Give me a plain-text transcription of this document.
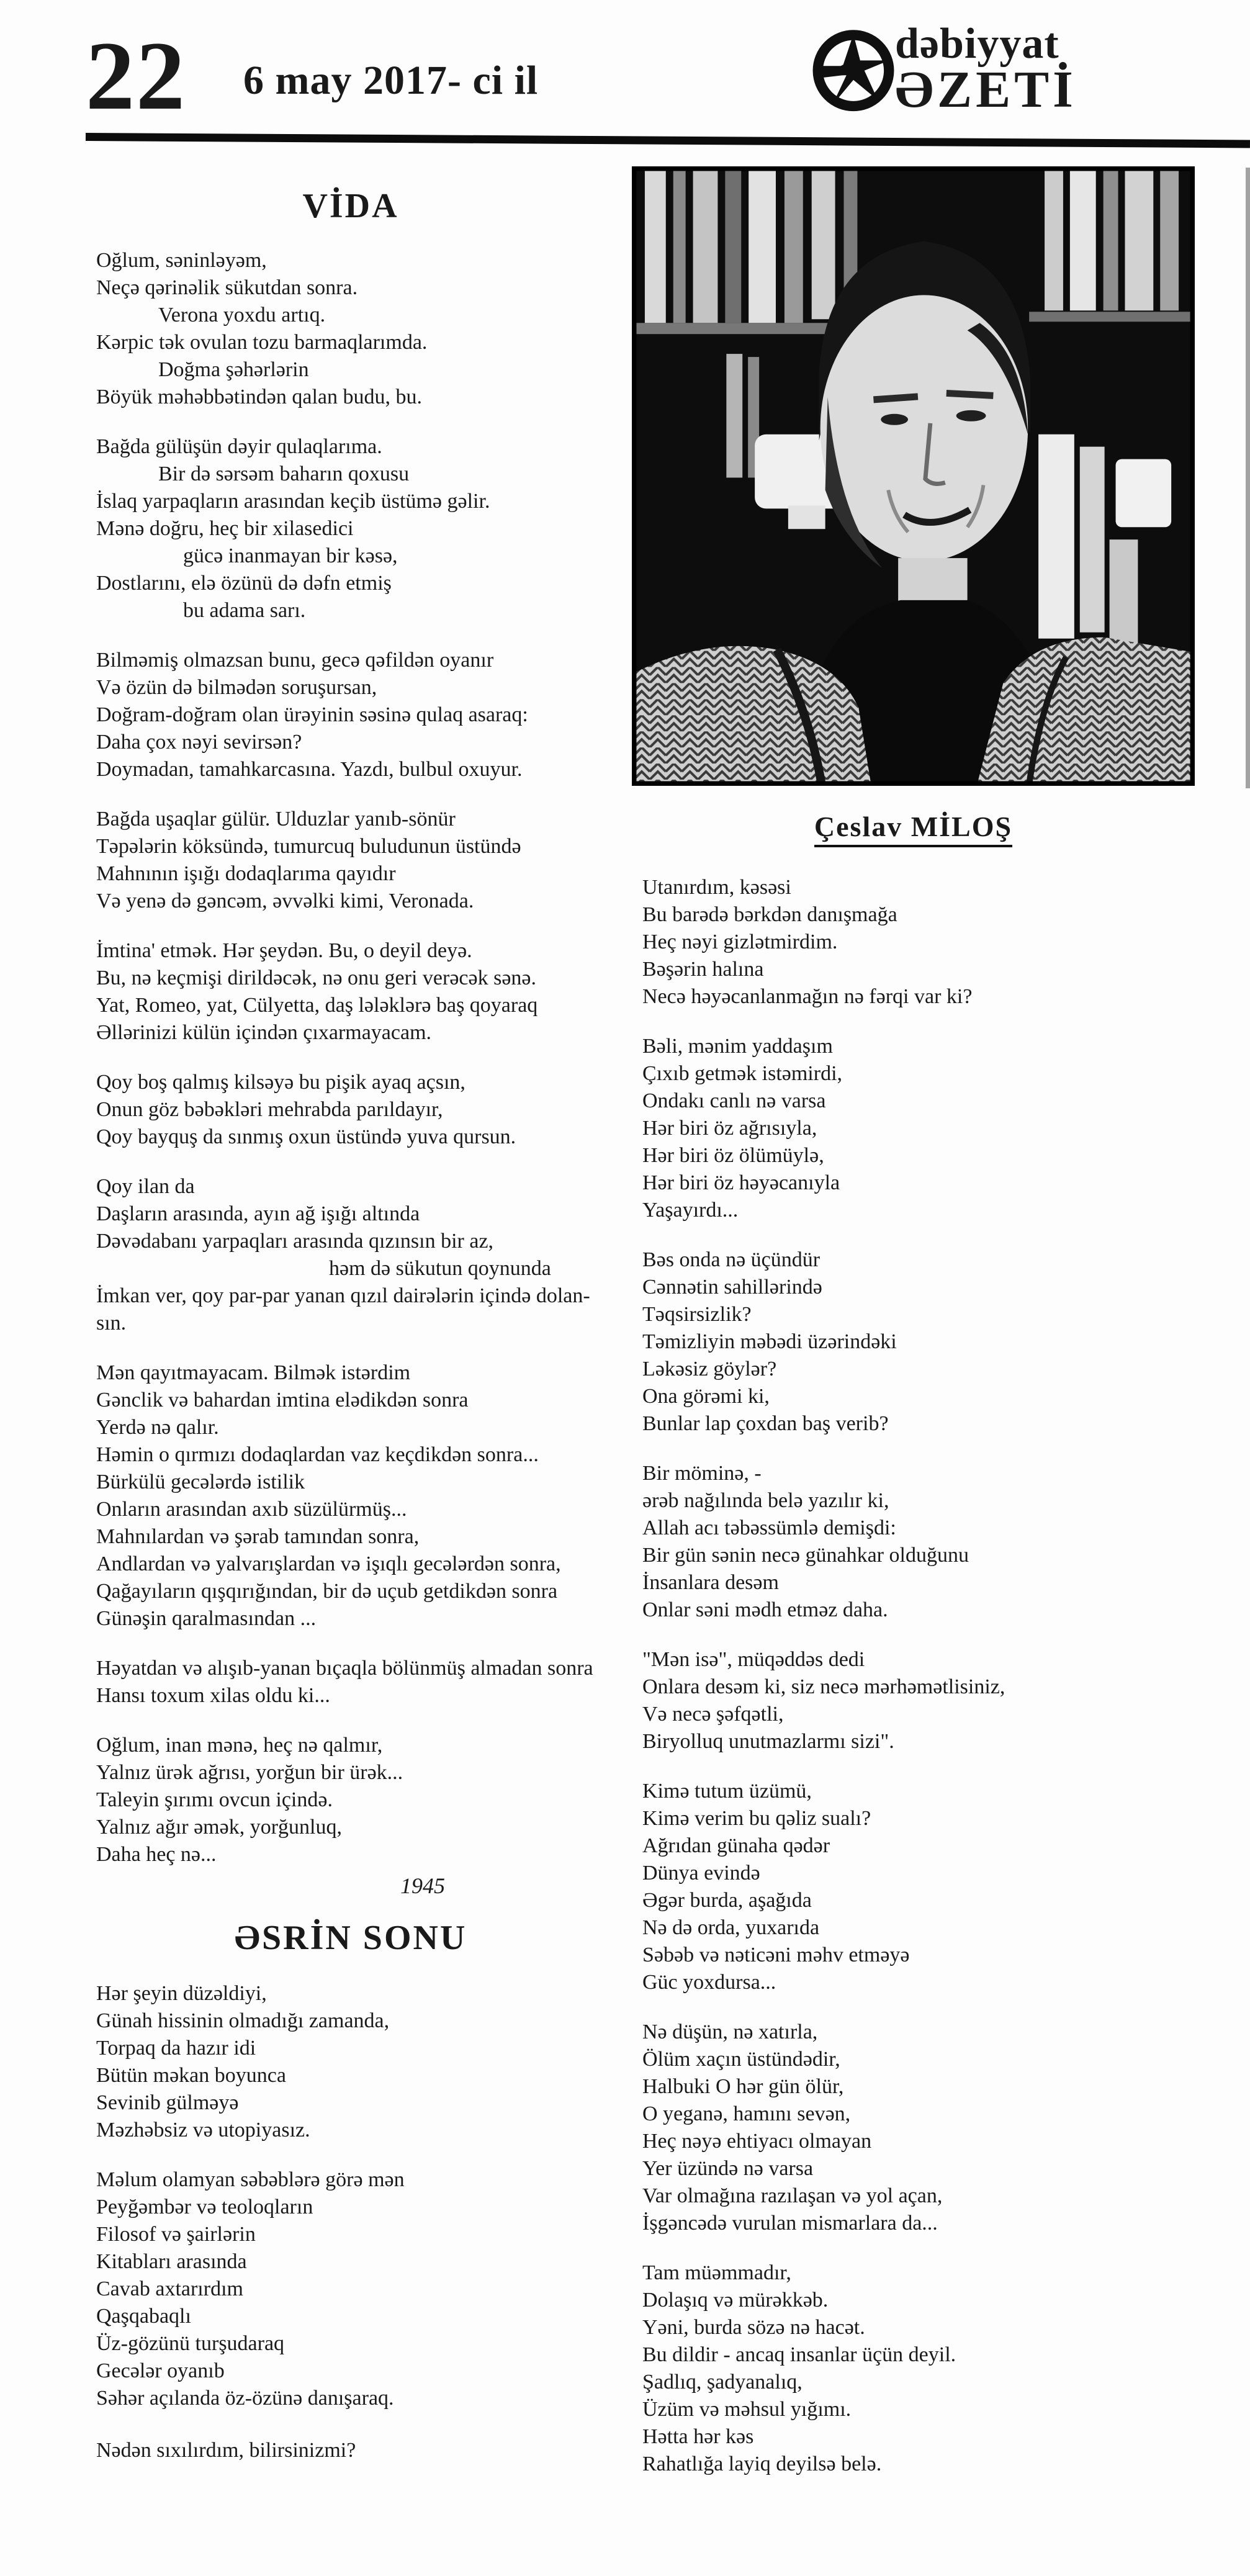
22 6 may 2017- ci il
dəbiyyat
ƏZETİ
VİDA
Oğlum, səninləyəm,
Neçə qərinəlik sükutdan sonra.
Verona yoxdu artıq.
Kərpic tək ovulan tozu barmaqlarımda.
Doğma şəhərlərin
Böyük məhəbbətindən qalan budu, bu.
Bağda gülüşün dəyir qulaqlarıma.
Bir də sərsəm baharın qoxusu
İslaq yarpaqların arasından keçib üstümə gəlir.
Mənə doğru, heç bir xilasedici
gücə inanmayan bir kəsə,
Dostlarını, elə özünü də dəfn etmiş
bu adama sarı.
Bilməmiş olmazsan bunu, gecə qəfildən oyanır
Və özün də bilmədən soruşursan,
Doğram-doğram olan ürəyinin səsinə qulaq asaraq:
Daha çox nəyi sevirsən?
Doymadan, tamahkarcasına. Yazdı, bulbul oxuyur.
Bağda uşaqlar gülür. Ulduzlar yanıb-sönür
Təpələrin köksündə, tumurcuq buludunun üstündə
Mahnının işığı dodaqlarıma qayıdır
Və yenə də gəncəm, əvvəlki kimi, Veronada.
İmtina' etmək. Hər şeydən. Bu, o deyil deyə.
Bu, nə keçmişi dirildəcək, nə onu geri verəcək sənə.
Yat, Romeo, yat, Cülyetta, daş lələklərə baş qoyaraq
Əllərinizi külün içindən çıxarmayacam.
Qoy boş qalmış kilsəyə bu pişik ayaq açsın,
Onun göz bəbəkləri mehrabda parıldayır,
Qoy bayquş da sınmış oxun üstündə yuva qursun.
Qoy ilan da
Daşların arasında, ayın ağ işığı altında
Dəvədabanı yarpaqları arasında qızınsın bir az,
həm də sükutun qoynunda
İmkan ver, qoy par-par yanan qızıl dairələrin içində dolan-
sın.
Mən qayıtmayacam. Bilmək istərdim
Gənclik və bahardan imtina elədikdən sonra
Yerdə nə qalır.
Həmin o qırmızı dodaqlardan vaz keçdikdən sonra...
Bürkülü gecələrdə istilik
Onların arasından axıb süzülürmüş...
Mahnılardan və şərab tamından sonra,
Andlardan və yalvarışlardan və işıqlı gecələrdən sonra,
Qağayıların qışqırığından, bir də uçub getdikdən sonra
Günəşin qaralmasından ...
Həyatdan və alışıb-yanan bıçaqla bölünmüş almadan sonra
Hansı toxum xilas oldu ki...
Oğlum, inan mənə, heç nə qalmır,
Yalnız ürək ağrısı, yorğun bir ürək...
Taleyin şırımı ovcun içində.
Yalnız ağır əmək, yorğunluq,
Daha heç nə...
1945
ƏSRİN SONU
Hər şeyin düzəldiyi,
Günah hissinin olmadığı zamanda,
Torpaq da hazır idi
Bütün məkan boyunca
Sevinib gülməyə
Məzhəbsiz və utopiyasız.
Məlum olamyan səbəblərə görə mən
Peyğəmbər və teoloqların
Filosof və şairlərin
Kitabları arasında
Cavab axtarırdım
Qaşqabaqlı
Üz-gözünü turşudaraq
Gecələr oyanıb
Səhər açılanda öz-özünə danışaraq.
Nədən sıxılırdım, bilirsinizmi?
Çeslav MİLOŞ
Utanırdım, kəsəsi
Bu barədə bərkdən danışmağa
Heç nəyi gizlətmirdim.
Bəşərin halına
Necə həyəcanlanmağın nə fərqi var ki?
Bəli, mənim yaddaşım
Çıxıb getmək istəmirdi,
Ondakı canlı nə varsa
Hər biri öz ağrısıyla,
Hər biri öz ölümüylə,
Hər biri öz həyəcanıyla
Yaşayırdı...
Bəs onda nə üçündür
Cənnətin sahillərində
Təqsirsizlik?
Təmizliyin məbədi üzərindəki
Ləkəsiz göylər?
Ona görəmi ki,
Bunlar lap çoxdan baş verib?
Bir möminə, -
ərəb nağılında belə yazılır ki,
Allah acı təbəssümlə demişdi:
Bir gün sənin necə günahkar olduğunu
İnsanlara desəm
Onlar səni mədh etməz daha.
"Mən isə", müqəddəs dedi
Onlara desəm ki, siz necə mərhəmətlisiniz,
Və necə şəfqətli,
Biryolluq unutmazlarmı sizi".
Kimə tutum üzümü,
Kimə verim bu qəliz sualı?
Ağrıdan günaha qədər
Dünya evində
Əgər burda, aşağıda
Nə də orda, yuxarıda
Səbəb və nəticəni məhv etməyə
Güc yoxdursa...
Nə düşün, nə xatırla,
Ölüm xaçın üstündədir,
Halbuki O hər gün ölür,
O yeganə, hamını sevən,
Heç nəyə ehtiyacı olmayan
Yer üzündə nə varsa
Var olmağına razılaşan və yol açan,
İşgəncədə vurulan mismarlara da...
Tam müəmmadır,
Dolaşıq və mürəkkəb.
Yəni, burda sözə nə hacət.
Bu dildir - ancaq insanlar üçün deyil.
Şadlıq, şadyanalıq,
Üzüm və məhsul yığımı.
Hətta hər kəs
Rahatlığa layiq deyilsə belə.
